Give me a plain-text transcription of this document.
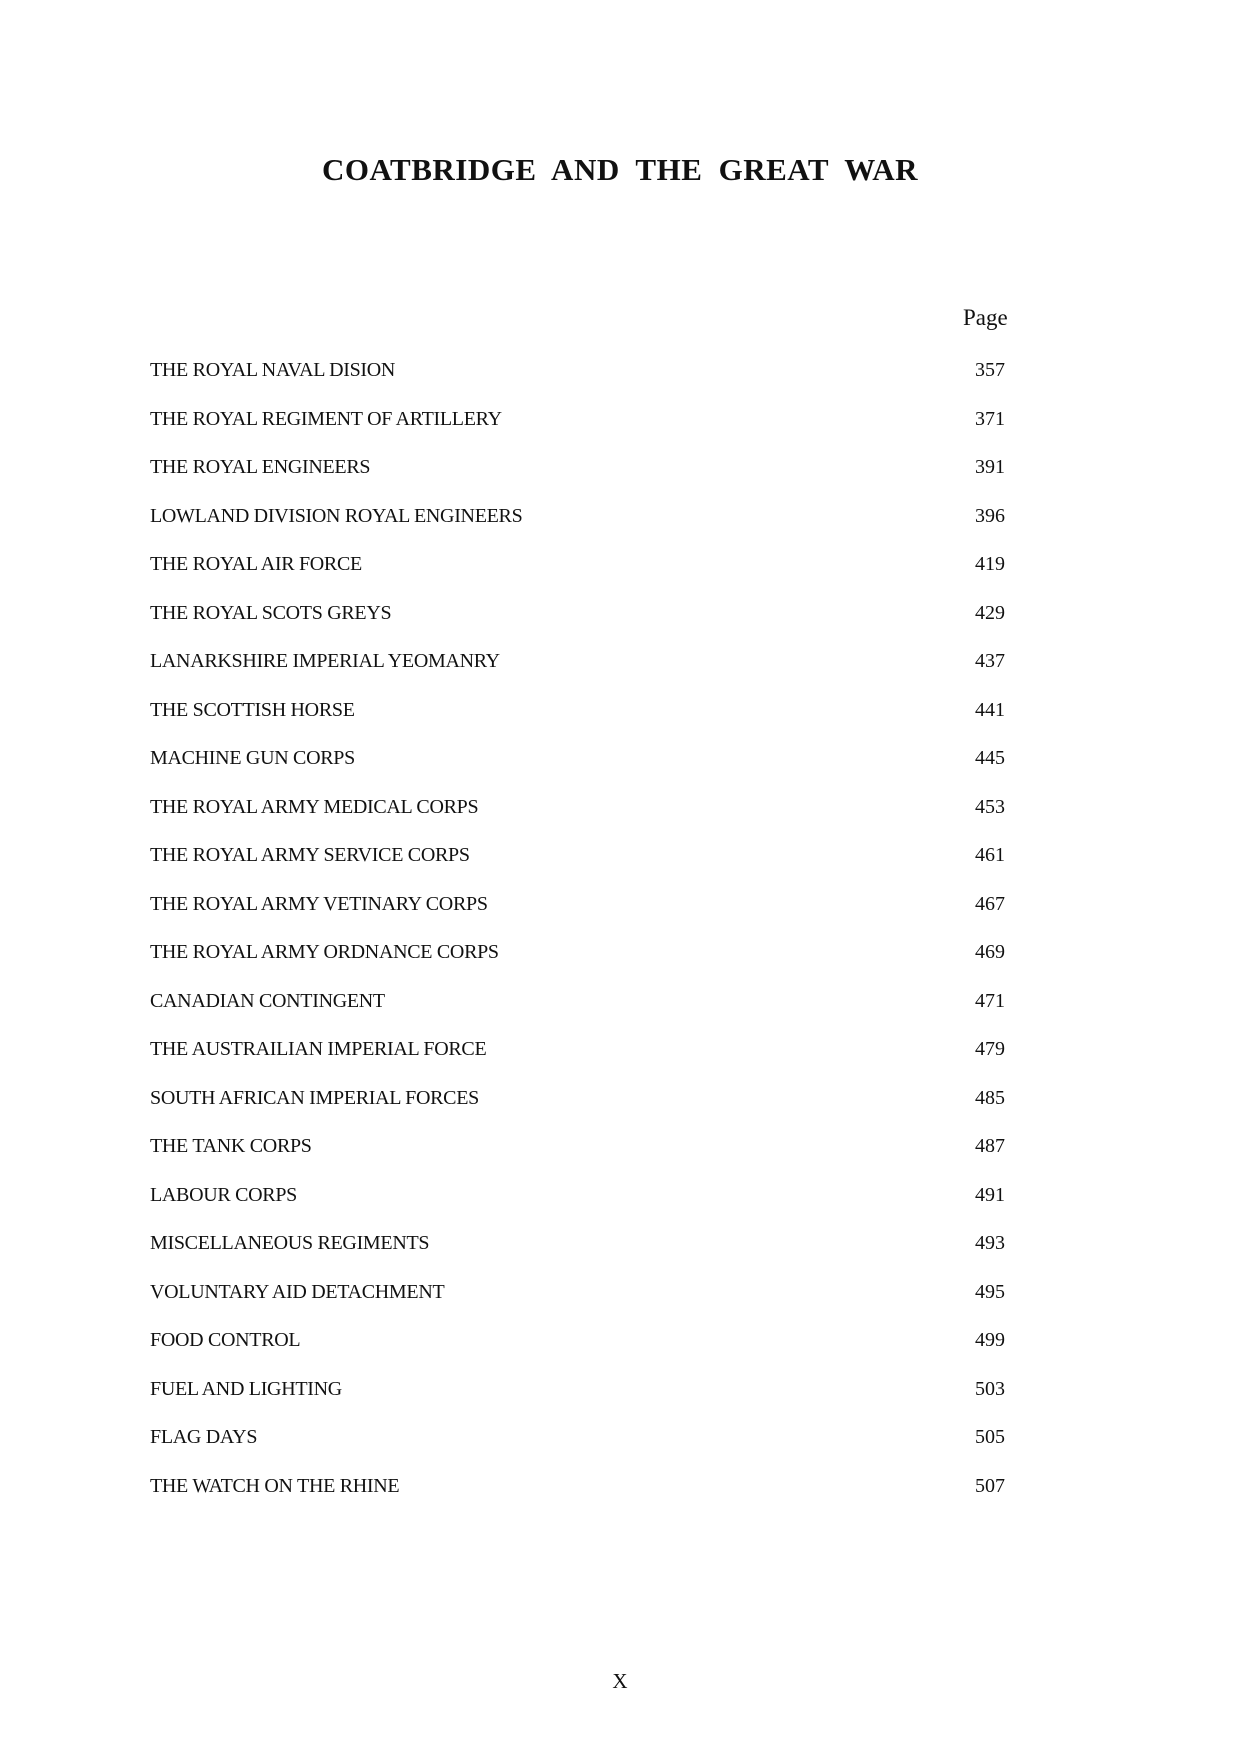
COATBRIDGE AND THE GREAT WAR
Page
THE ROYAL NAVAL DISION	357
THE ROYAL REGIMENT OF ARTILLERY	371
THE ROYAL ENGINEERS	391
LOWLAND DIVISION ROYAL ENGINEERS	396
THE ROYAL AIR FORCE	419
THE ROYAL SCOTS GREYS	429
LANARKSHIRE IMPERIAL YEOMANRY	437
THE SCOTTISH HORSE	441
MACHINE GUN CORPS	445
THE ROYAL ARMY MEDICAL CORPS	453
THE ROYAL ARMY SERVICE CORPS	461
THE ROYAL ARMY VETINARY CORPS	467
THE ROYAL ARMY ORDNANCE CORPS	469
CANADIAN CONTINGENT	471
THE AUSTRAILIAN IMPERIAL FORCE	479
SOUTH AFRICAN IMPERIAL FORCES	485
THE TANK CORPS	487
LABOUR CORPS	491
MISCELLANEOUS REGIMENTS	493
VOLUNTARY AID DETACHMENT	495
FOOD CONTROL	499
FUEL AND LIGHTING	503
FLAG DAYS	505
THE WATCH ON THE RHINE	507
X
